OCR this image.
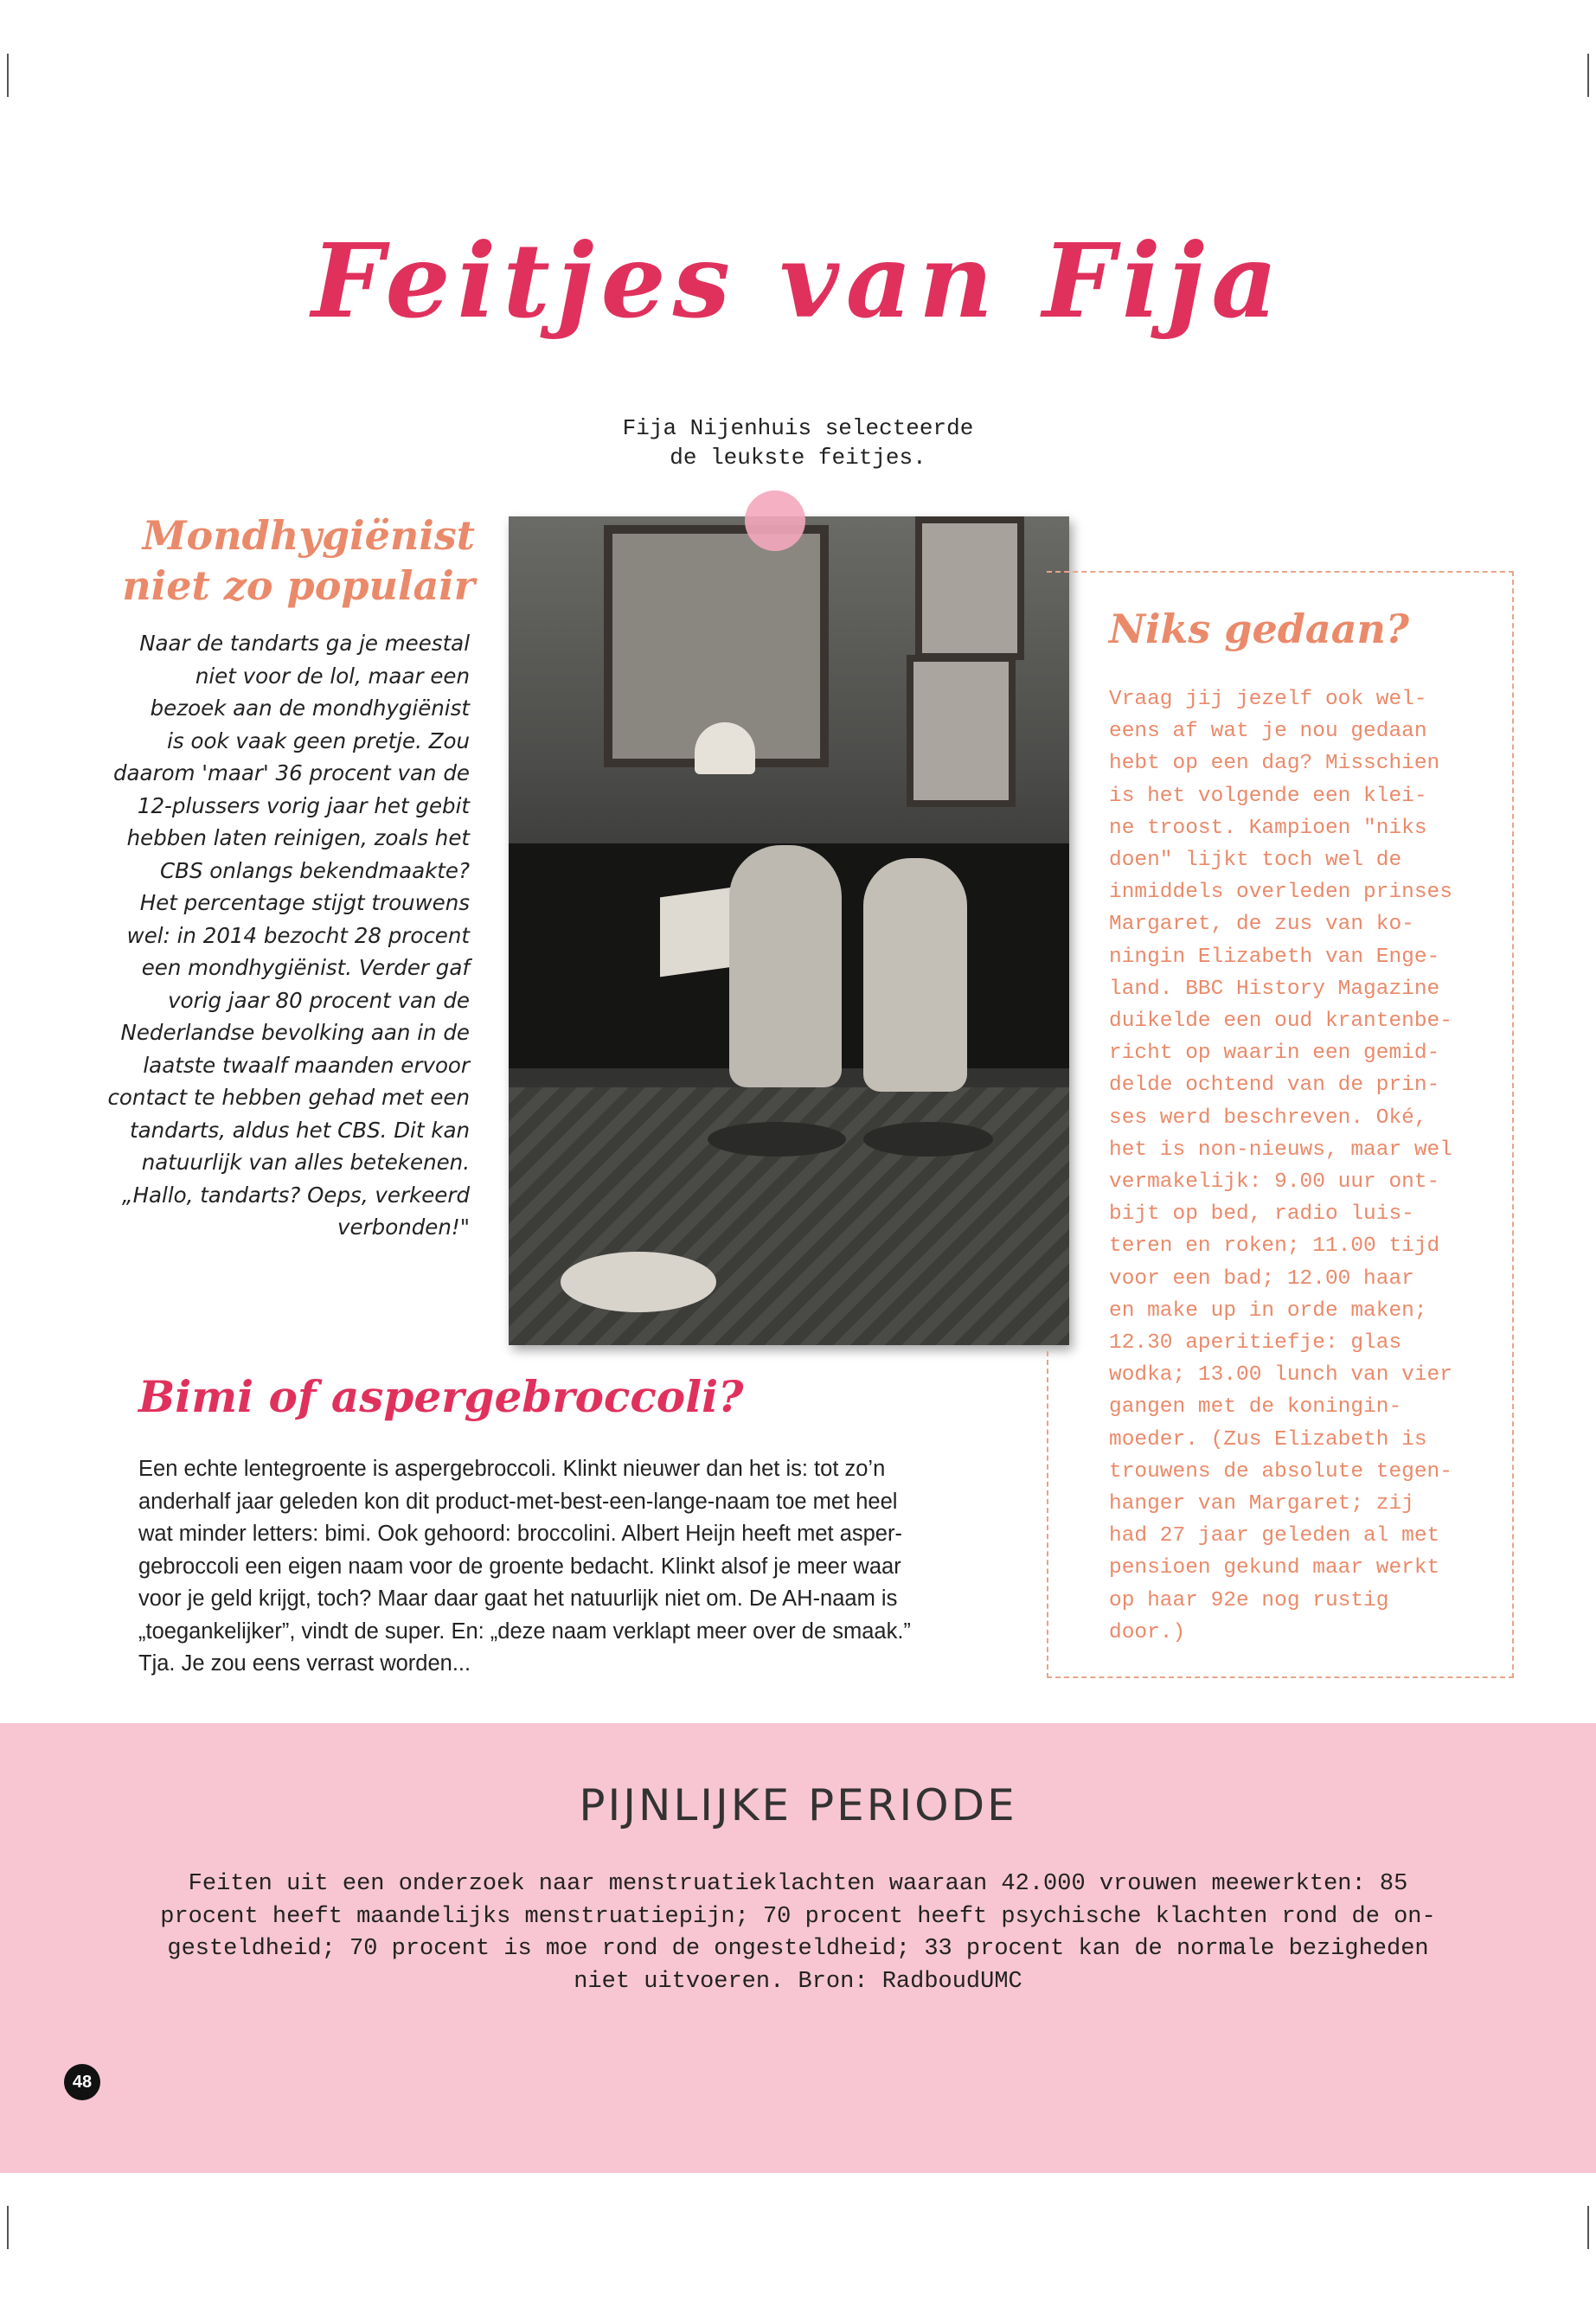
Feitjes van Fija
Fija Nijenhuis selecteerde
de leukste feitjes.
Mondhygiënist
niet zo populair
Naar de tandarts ga je meestal
niet voor de lol, maar een
bezoek aan de mondhygiënist
is ook vaak geen pretje. Zou
daarom 'maar' 36 procent van de
12-plussers vorig jaar het gebit
hebben laten reinigen, zoals het
CBS onlangs bekendmaakte?
Het percentage stijgt trouwens
wel: in 2014 bezocht 28 procent
een mondhygiënist. Verder gaf
vorig jaar 80 procent van de
Nederlandse bevolking aan in de
laatste twaalf maanden ervoor
contact te hebben gehad met een
tandarts, aldus het CBS. Dit kan
natuurlijk van alles betekenen.
„Hallo, tandarts? Oeps, verkeerd
verbonden!"
Niks gedaan?
Vraag jij jezelf ook wel-
eens af wat je nou gedaan
hebt op een dag? Misschien
is het volgende een klei-
ne troost. Kampioen "niks
doen" lijkt toch wel de
inmiddels overleden prinses
Margaret, de zus van ko-
ningin Elizabeth van Enge-
land. BBC History Magazine
duikelde een oud krantenbe-
richt op waarin een gemid-
delde ochtend van de prin-
ses werd beschreven. Oké,
het is non-nieuws, maar wel
vermakelijk: 9.00 uur ont-
bijt op bed, radio luis-
teren en roken; 11.00 tijd
voor een bad; 12.00 haar
en make up in orde maken;
12.30 aperitiefje: glas
wodka; 13.00 lunch van vier
gangen met de koningin-
moeder. (Zus Elizabeth is
trouwens de absolute tegen-
hanger van Margaret; zij
had 27 jaar geleden al met
pensioen gekund maar werkt
op haar 92e nog rustig
door.)
Bimi of aspergebroccoli?
Een echte lentegroente is aspergebroccoli. Klinkt nieuwer dan het is: tot zo’n
anderhalf jaar geleden kon dit product-met-best-een-lange-naam toe met heel
wat minder letters: bimi. Ook gehoord: broccolini. Albert Heijn heeft met asper-
gebroccoli een eigen naam voor de groente bedacht. Klinkt alsof je meer waar
voor je geld krijgt, toch? Maar daar gaat het natuurlijk niet om. De AH-naam is
„toegankelijker”, vindt de super. En: „deze naam verklapt meer over de smaak.”
Tja. Je zou eens verrast worden...
PIJNLIJKE PERIODE
Feiten uit een onderzoek naar menstruatieklachten waaraan 42.000 vrouwen meewerkten: 85
procent heeft maandelijks menstruatiepijn; 70 procent heeft psychische klachten rond de on-
gesteldheid; 70 procent is moe rond de ongesteldheid; 33 procent kan de normale bezigheden
niet uitvoeren. Bron: RadboudUMC
48
